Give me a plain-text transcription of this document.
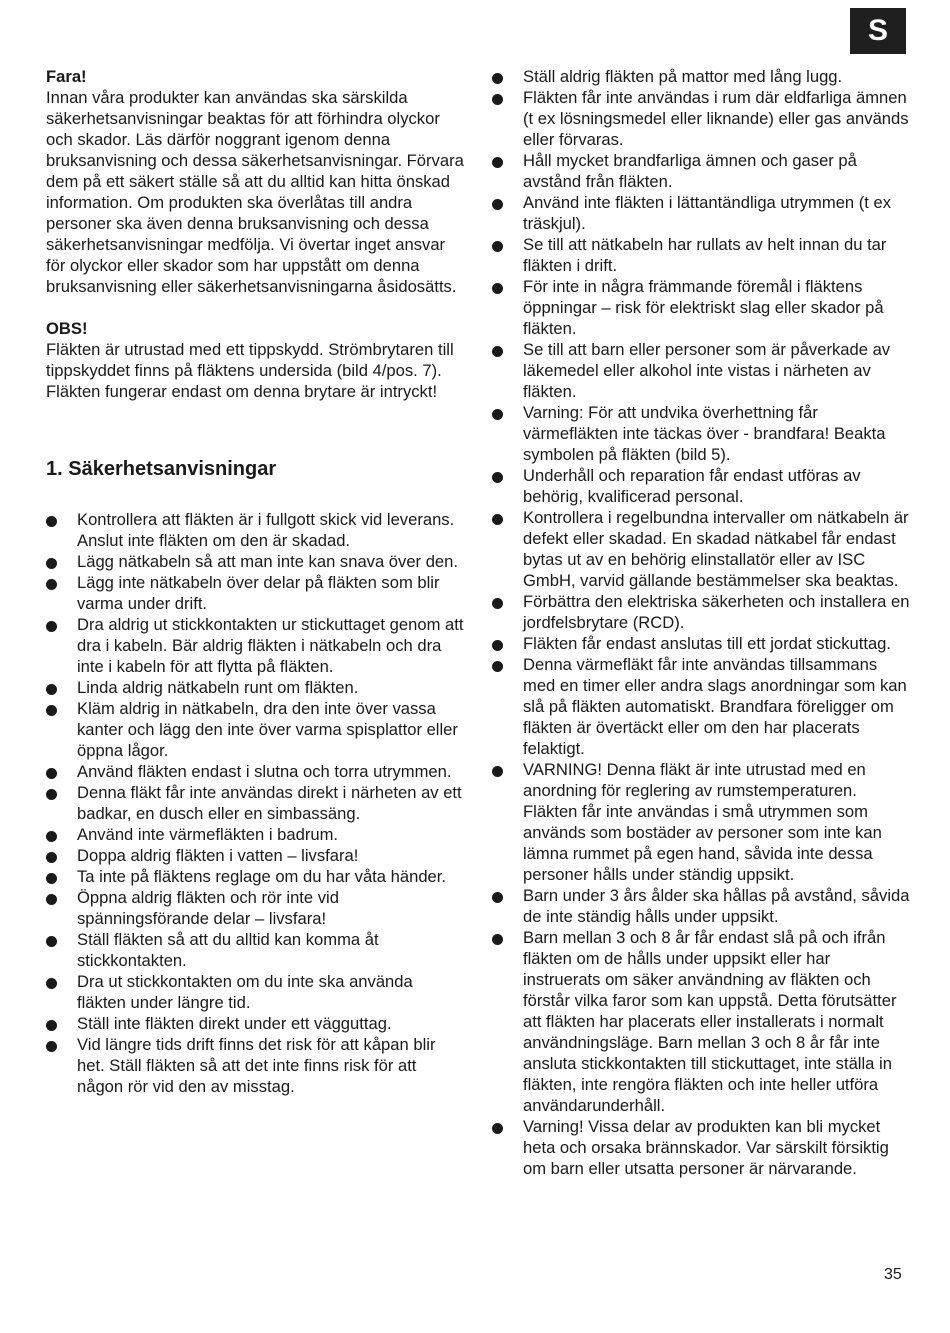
S
Fara!

Innan våra produkter kan användas ska särskilda säkerhetsanvisningar beaktas för att förhindra olyckor och skador. Läs därför noggrant igenom denna bruksanvisning och dessa säkerhetsanvisningar. Förvara dem på ett säkert ställe så att du alltid kan hitta önskad information. Om produkten ska överlåtas till andra personer ska även denna bruksanvisning och dessa säkerhetsanvisningar medfölja. Vi övertar inget ansvar för olyckor eller skador som har uppstått om denna bruksanvisning eller säkerhetsanvisningarna åsidosätts.

OBS!

Fläkten är utrustad med ett tippskydd. Strömbrytaren till tippskyddet finns på fläktens undersida (bild 4/pos. 7). Fläkten fungerar endast om denna brytare är intryckt!

1. Säkerhetsanvisningar
Kontrollera att fläkten är i fullgott skick vid leverans. Anslut inte fläkten om den är skadad.
Lägg nätkabeln så att man inte kan snava över den.
Lägg inte nätkabeln över delar på fläkten som blir varma under drift.
Dra aldrig ut stickkontakten ur stickuttaget genom att dra i kabeln. Bär aldrig fläkten i nätkabeln och dra inte i kabeln för att flytta på fläkten.
Linda aldrig nätkabeln runt om fläkten.
Kläm aldrig in nätkabeln, dra den inte över vassa kanter och lägg den inte över varma spisplattor eller öppna lågor.
Använd fläkten endast i slutna och torra utrymmen.
Denna fläkt får inte användas direkt i närheten av ett badkar, en dusch eller en simbassäng.
Använd inte värmefläkten i badrum.
Doppa aldrig fläkten i vatten – livsfara!
Ta inte på fläktens reglage om du har våta händer.
Öppna aldrig fläkten och rör inte vid spänningsförande delar – livsfara!
Ställ fläkten så att du alltid kan komma åt stickkontakten.
Dra ut stickkontakten om du inte ska använda fläkten under längre tid.
Ställ inte fläkten direkt under ett vägguttag.
Vid längre tids drift finns det risk för att kåpan blir het. Ställ fläkten så att det inte finns risk för att någon rör vid den av misstag.
Ställ aldrig fläkten på mattor med lång lugg.
Fläkten får inte användas i rum där eldfarliga ämnen (t ex lösningsmedel eller liknande) eller gas används eller förvaras.
Håll mycket brandfarliga ämnen och gaser på avstånd från fläkten.
Använd inte fläkten i lättantändliga utrymmen (t ex träskjul).
Se till att nätkabeln har rullats av helt innan du tar fläkten i drift.
För inte in några främmande föremål i fläktens öppningar – risk för elektriskt slag eller skador på fläkten.
Se till att barn eller personer som är påverkade av läkemedel eller alkohol inte vistas i närheten av fläkten.
Varning: För att undvika överhettning får värmefläkten inte täckas över - brandfara! Beakta symbolen på fläkten (bild 5).
Underhåll och reparation får endast utföras av behörig, kvalificerad personal.
Kontrollera i regelbundna intervaller om nätkabeln är defekt eller skadad. En skadad nätkabel får endast bytas ut av en behörig elinstallatör eller av ISC GmbH, varvid gällande bestämmelser ska beaktas.
Förbättra den elektriska säkerheten och installera en jordfelsbrytare (RCD).
Fläkten får endast anslutas till ett jordat stickuttag.
Denna värmefläkt får inte användas tillsammans med en timer eller andra slags anordningar som kan slå på fläkten automatiskt. Brandfara föreligger om fläkten är övertäckt eller om den har placerats felaktigt.
VARNING! Denna fläkt är inte utrustad med en anordning för reglering av rumstemperaturen. Fläkten får inte användas i små utrymmen som används som bostäder av personer som inte kan lämna rummet på egen hand, såvida inte dessa personer hålls under ständig uppsikt.
Barn under 3 års ålder ska hållas på avstånd, såvida de inte ständig hålls under uppsikt.
Barn mellan 3 och 8 år får endast slå på och ifrån fläkten om de hålls under uppsikt eller har instruerats om säker användning av fläkten och förstår vilka faror som kan uppstå. Detta förutsätter att fläkten har placerats eller installerats i normalt användningsläge. Barn mellan 3 och 8 år får inte ansluta stickkontakten till stickuttaget, inte ställa in fläkten, inte rengöra fläkten och inte heller utföra användarunderhåll.
Varning! Vissa delar av produkten kan bli mycket heta och orsaka brännskador. Var särskilt försiktig om barn eller utsatta personer är närvarande.
35
